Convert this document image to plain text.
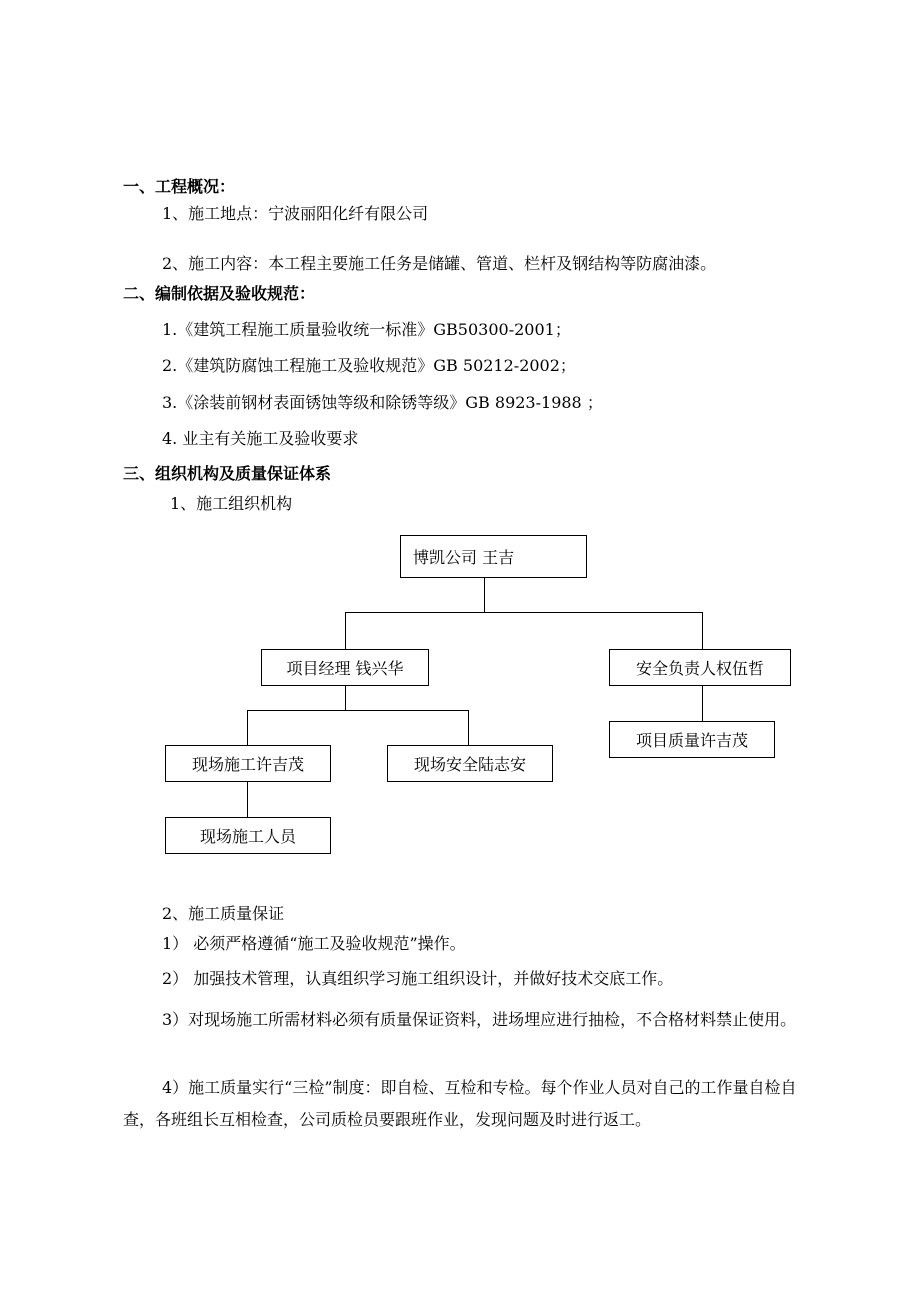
一、工程概况：
1、施工地点：宁波丽阳化纤有限公司
2、施工内容：本工程主要施工任务是储罐、管道、栏杆及钢结构等防腐油漆。
二、编制依据及验收规范：
1.《建筑工程施工质量验收统一标准》GB50300-2001；
2.《建筑防腐蚀工程施工及验收规范》GB 50212-2002；
3.《涂装前钢材表面锈蚀等级和除锈等级》GB 8923-1988 ；
4. 业主有关施工及验收要求
三、组织机构及质量保证体系
1、施工组织机构
博凯公司 王吉
项目经理 钱兴华	安全负责人权伍哲
项目质量许吉茂
现场施工许吉茂	现场安全陆志安
现场施工人员
2、施工质量保证
1） 必须严格遵循“施工及验收规范”操作。
2） 加强技术管理，认真组织学习施工组织设计，并做好技术交底工作。
3）对现场施工所需材料必须有质量保证资料，进场埋应进行抽检，不合格材料禁止使用。
4）施工质量实行“三检”制度：即自检、互检和专检。每个作业人员对自己的工作量自检自查，各班组长互相检查，公司质检员要跟班作业，发现问题及时进行返工。
